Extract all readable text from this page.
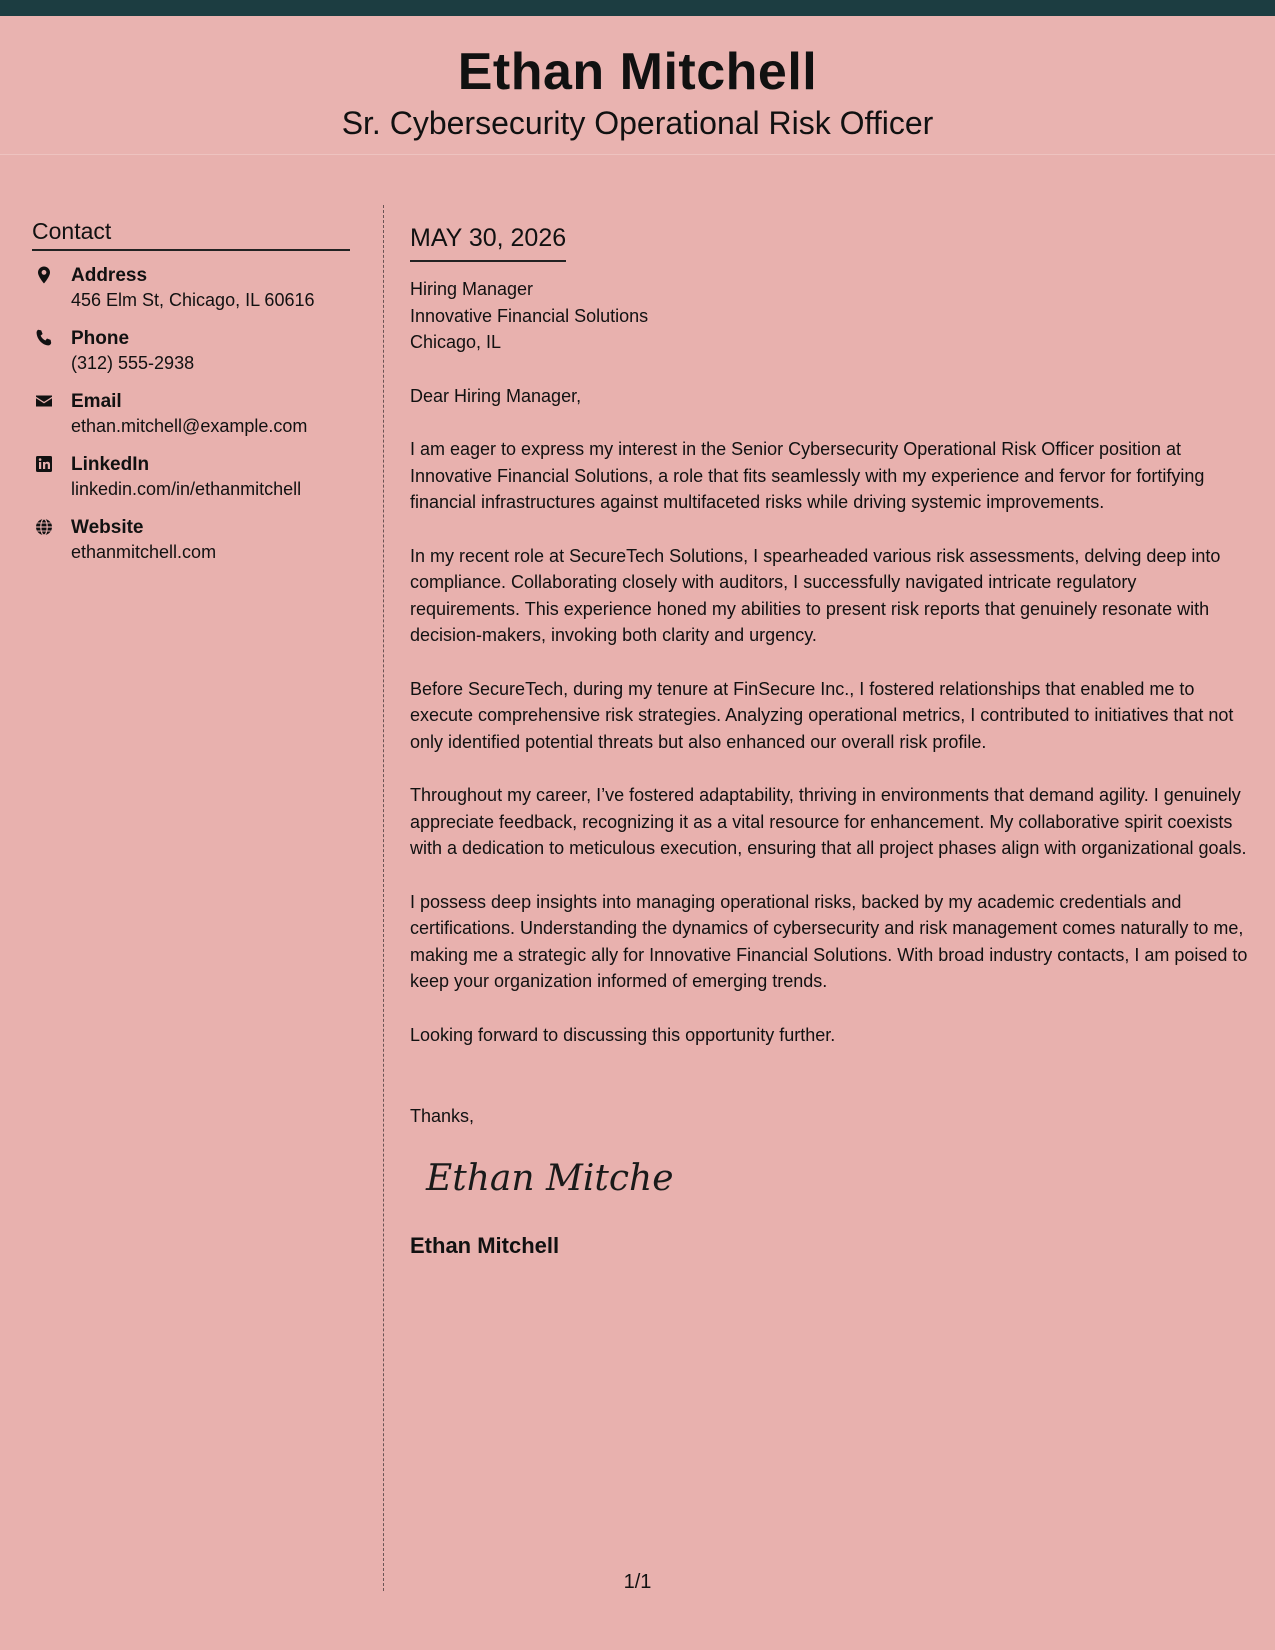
Ethan Mitchell
Sr. Cybersecurity Operational Risk Officer
Contact
Address
456 Elm St, Chicago, IL 60616
Phone
(312) 555-2938
Email
ethan.mitchell@example.com
LinkedIn
linkedin.com/in/ethanmitchell
Website
ethanmitchell.com
MAY 30, 2026
Hiring Manager
Innovative Financial Solutions
Chicago, IL

Dear Hiring Manager,

I am eager to express my interest in the Senior Cybersecurity Operational Risk Officer position at Innovative Financial Solutions, a role that fits seamlessly with my experience and fervor for fortifying financial infrastructures against multifaceted risks while driving systemic improvements.

In my recent role at SecureTech Solutions, I spearheaded various risk assessments, delving deep into compliance. Collaborating closely with auditors, I successfully navigated intricate regulatory requirements. This experience honed my abilities to present risk reports that genuinely resonate with decision-makers, invoking both clarity and urgency.

Before SecureTech, during my tenure at FinSecure Inc., I fostered relationships that enabled me to execute comprehensive risk strategies. Analyzing operational metrics, I contributed to initiatives that not only identified potential threats but also enhanced our overall risk profile.

Throughout my career, I’ve fostered adaptability, thriving in environments that demand agility. I genuinely appreciate feedback, recognizing it as a vital resource for enhancement. My collaborative spirit coexists with a dedication to meticulous execution, ensuring that all project phases align with organizational goals.

I possess deep insights into managing operational risks, backed by my academic credentials and certifications. Understanding the dynamics of cybersecurity and risk management comes naturally to me, making me a strategic ally for Innovative Financial Solutions. With broad industry contacts, I am poised to keep your organization informed of emerging trends.

Looking forward to discussing this opportunity further.

Thanks,
Ethan Mitchell
Ethan Mitchell
1/1
